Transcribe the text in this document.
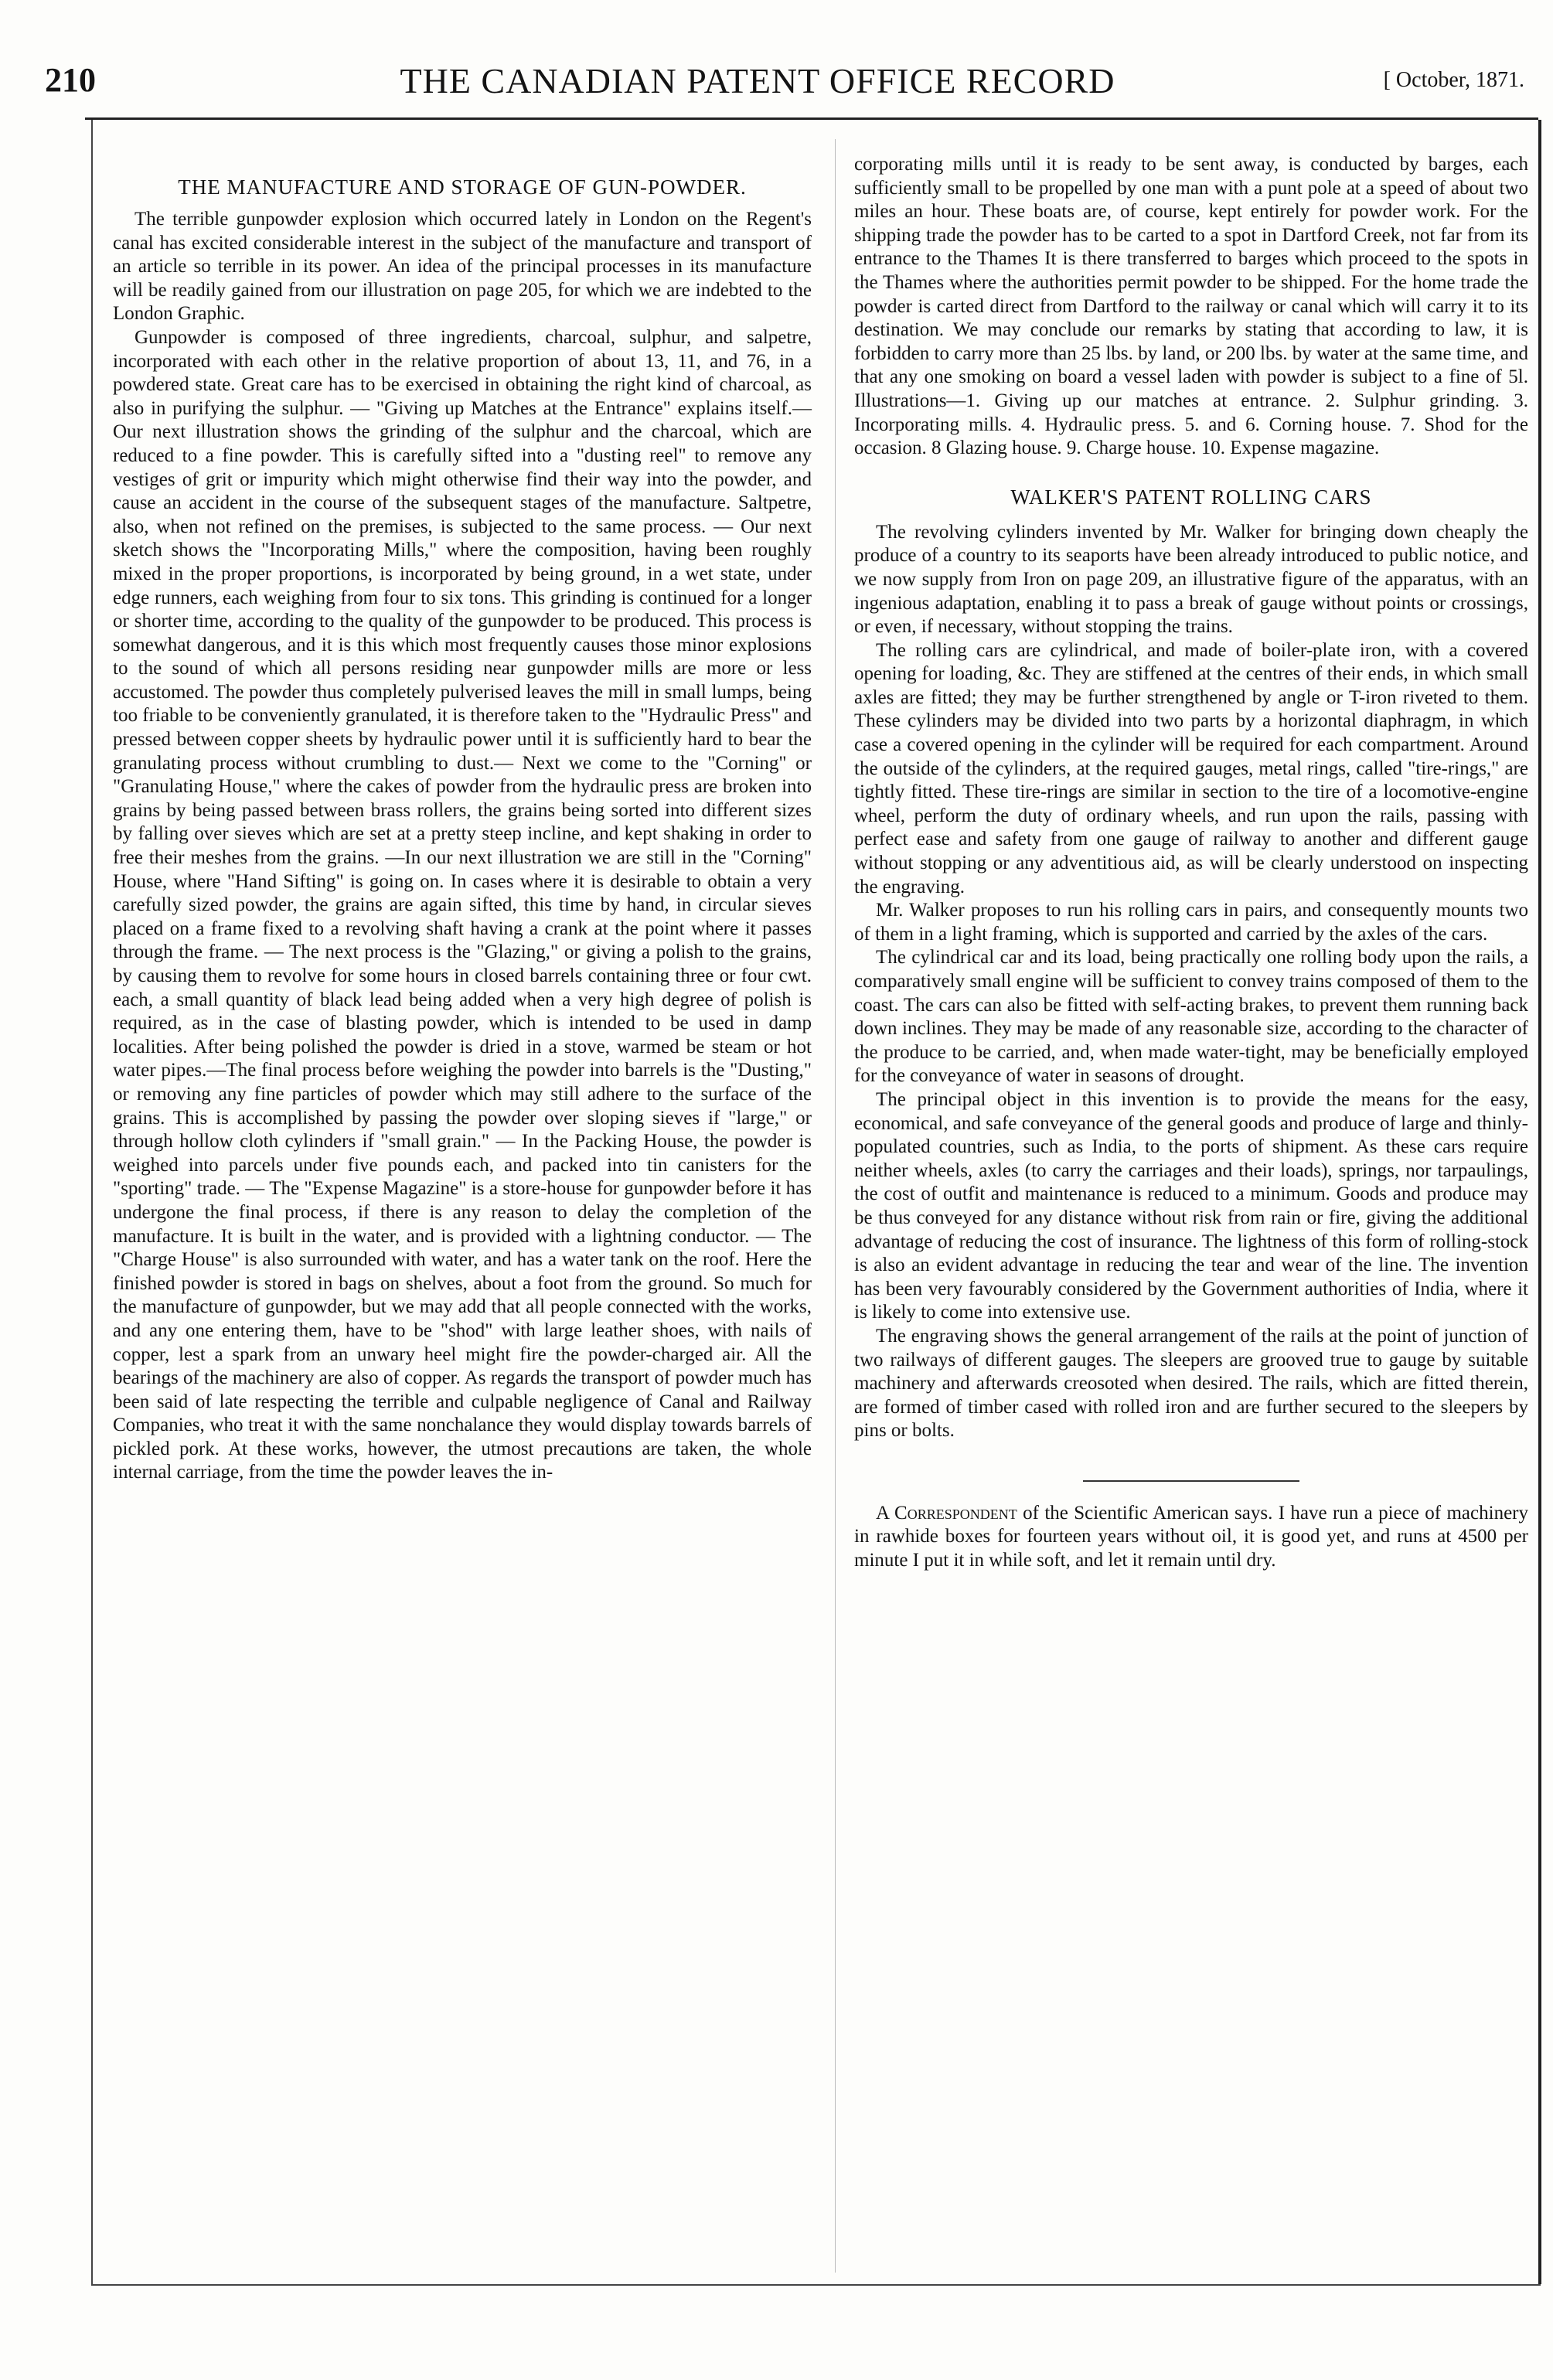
210	THE CANADIAN PATENT OFFICE RECORD	[ October, 1871.
THE MANUFACTURE AND STORAGE OF GUN-POWDER.

The terrible gunpowder explosion which occurred lately in London on the Regent's canal has excited considerable interest in the subject of the manufacture and transport of an article so terrible in its power. An idea of the principal processes in its manufacture will be readily gained from our illustration on page 205, for which we are indebted to the London Graphic.

Gunpowder is composed of three ingredients, charcoal, sulphur, and salpetre, incorporated with each other in the relative proportion of about 13, 11, and 76, in a powdered state. Great care has to be exercised in obtaining the right kind of charcoal, as also in purifying the sulphur. — "Giving up Matches at the Entrance" explains itself.—Our next illustration shows the grinding of the sulphur and the charcoal, which are reduced to a fine powder. This is carefully sifted into a "dusting reel" to remove any vestiges of grit or impurity which might otherwise find their way into the powder, and cause an accident in the course of the subsequent stages of the manufacture. Saltpetre, also, when not refined on the premises, is subjected to the same process. — Our next sketch shows the "Incorporating Mills," where the composition, having been roughly mixed in the proper proportions, is incorporated by being ground, in a wet state, under edge runners, each weighing from four to six tons. This grinding is continued for a longer or shorter time, according to the quality of the gunpowder to be produced. This process is somewhat dangerous, and it is this which most frequently causes those minor explosions to the sound of which all persons residing near gunpowder mills are more or less accustomed. The powder thus completely pulverised leaves the mill in small lumps, being too friable to be conveniently granulated, it is therefore taken to the "Hydraulic Press" and pressed between copper sheets by hydraulic power until it is sufficiently hard to bear the granulating process without crumbling to dust.— Next we come to the "Corning" or "Granulating House," where the cakes of powder from the hydraulic press are broken into grains by being passed between brass rollers, the grains being sorted into different sizes by falling over sieves which are set at a pretty steep incline, and kept shaking in order to free their meshes from the grains. —In our next illustration we are still in the "Corning" House, where "Hand Sifting" is going on. In cases where it is desirable to obtain a very carefully sized powder, the grains are again sifted, this time by hand, in circular sieves placed on a frame fixed to a revolving shaft having a crank at the point where it passes through the frame. — The next process is the "Glazing," or giving a polish to the grains, by causing them to revolve for some hours in closed barrels containing three or four cwt. each, a small quantity of black lead being added when a very high degree of polish is required, as in the case of blasting powder, which is intended to be used in damp localities. After being polished the powder is dried in a stove, warmed be steam or hot water pipes.—The final process before weighing the powder into barrels is the "Dusting," or removing any fine particles of powder which may still adhere to the surface of the grains. This is accomplished by passing the powder over sloping sieves if "large," or through hollow cloth cylinders if "small grain." — In the Packing House, the powder is weighed into parcels under five pounds each, and packed into tin canisters for the "sporting" trade. — The "Expense Magazine" is a store-house for gunpowder before it has undergone the final process, if there is any reason to delay the completion of the manufacture. It is built in the water, and is provided with a lightning conductor. — The "Charge House" is also surrounded with water, and has a water tank on the roof. Here the finished powder is stored in bags on shelves, about a foot from the ground. So much for the manufacture of gunpowder, but we may add that all people connected with the works, and any one entering them, have to be "shod" with large leather shoes, with nails of copper, lest a spark from an unwary heel might fire the powder-charged air. All the bearings of the machinery are also of copper. As regards the transport of powder much has been said of late respecting the terrible and culpable negligence of Canal and Railway Companies, who treat it with the same nonchalance they would display towards barrels of pickled pork. At these works, however, the utmost precautions are taken, the whole internal carriage, from the time the powder leaves the in-

corporating mills until it is ready to be sent away, is conducted by barges, each sufficiently small to be propelled by one man with a punt pole at a speed of about two miles an hour. These boats are, of course, kept entirely for powder work. For the shipping trade the powder has to be carted to a spot in Dartford Creek, not far from its entrance to the Thames It is there transferred to barges which proceed to the spots in the Thames where the authorities permit powder to be shipped. For the home trade the powder is carted direct from Dartford to the railway or canal which will carry it to its destination. We may conclude our remarks by stating that according to law, it is forbidden to carry more than 25 lbs. by land, or 200 lbs. by water at the same time, and that any one smoking on board a vessel laden with powder is subject to a fine of 5l. Illustrations—1. Giving up our matches at entrance. 2. Sulphur grinding. 3. Incorporating mills. 4. Hydraulic press. 5. and 6. Corning house. 7. Shod for the occasion. 8 Glazing house. 9. Charge house. 10. Expense magazine.

WALKER'S PATENT ROLLING CARS

The revolving cylinders invented by Mr. Walker for bringing down cheaply the produce of a country to its seaports have been already introduced to public notice, and we now supply from Iron on page 209, an illustrative figure of the apparatus, with an ingenious adaptation, enabling it to pass a break of gauge without points or crossings, or even, if necessary, without stopping the trains.

The rolling cars are cylindrical, and made of boiler-plate iron, with a covered opening for loading, &c. They are stiffened at the centres of their ends, in which small axles are fitted; they may be further strengthened by angle or T-iron riveted to them. These cylinders may be divided into two parts by a horizontal diaphragm, in which case a covered opening in the cylinder will be required for each compartment. Around the outside of the cylinders, at the required gauges, metal rings, called "tire-rings," are tightly fitted. These tire-rings are similar in section to the tire of a locomotive-engine wheel, perform the duty of ordinary wheels, and run upon the rails, passing with perfect ease and safety from one gauge of railway to another and different gauge without stopping or any adventitious aid, as will be clearly understood on inspecting the engraving.

Mr. Walker proposes to run his rolling cars in pairs, and consequently mounts two of them in a light framing, which is supported and carried by the axles of the cars.

The cylindrical car and its load, being practically one rolling body upon the rails, a comparatively small engine will be sufficient to convey trains composed of them to the coast. The cars can also be fitted with self-acting brakes, to prevent them running back down inclines. They may be made of any reasonable size, according to the character of the produce to be carried, and, when made water-tight, may be beneficially employed for the conveyance of water in seasons of drought.

The principal object in this invention is to provide the means for the easy, economical, and safe conveyance of the general goods and produce of large and thinly-populated countries, such as India, to the ports of shipment. As these cars require neither wheels, axles (to carry the carriages and their loads), springs, nor tarpaulings, the cost of outfit and maintenance is reduced to a minimum. Goods and produce may be thus conveyed for any distance without risk from rain or fire, giving the additional advantage of reducing the cost of insurance. The lightness of this form of rolling-stock is also an evident advantage in reducing the tear and wear of the line. The invention has been very favourably considered by the Government authorities of India, where it is likely to come into extensive use.

The engraving shows the general arrangement of the rails at the point of junction of two railways of different gauges. The sleepers are grooved true to gauge by suitable machinery and afterwards creosoted when desired. The rails, which are fitted therein, are formed of timber cased with rolled iron and are further secured to the sleepers by pins or bolts.

A Correspondent of the Scientific American says. I have run a piece of machinery in rawhide boxes for fourteen years without oil, it is good yet, and runs at 4500 per minute I put it in while soft, and let it remain until dry.
